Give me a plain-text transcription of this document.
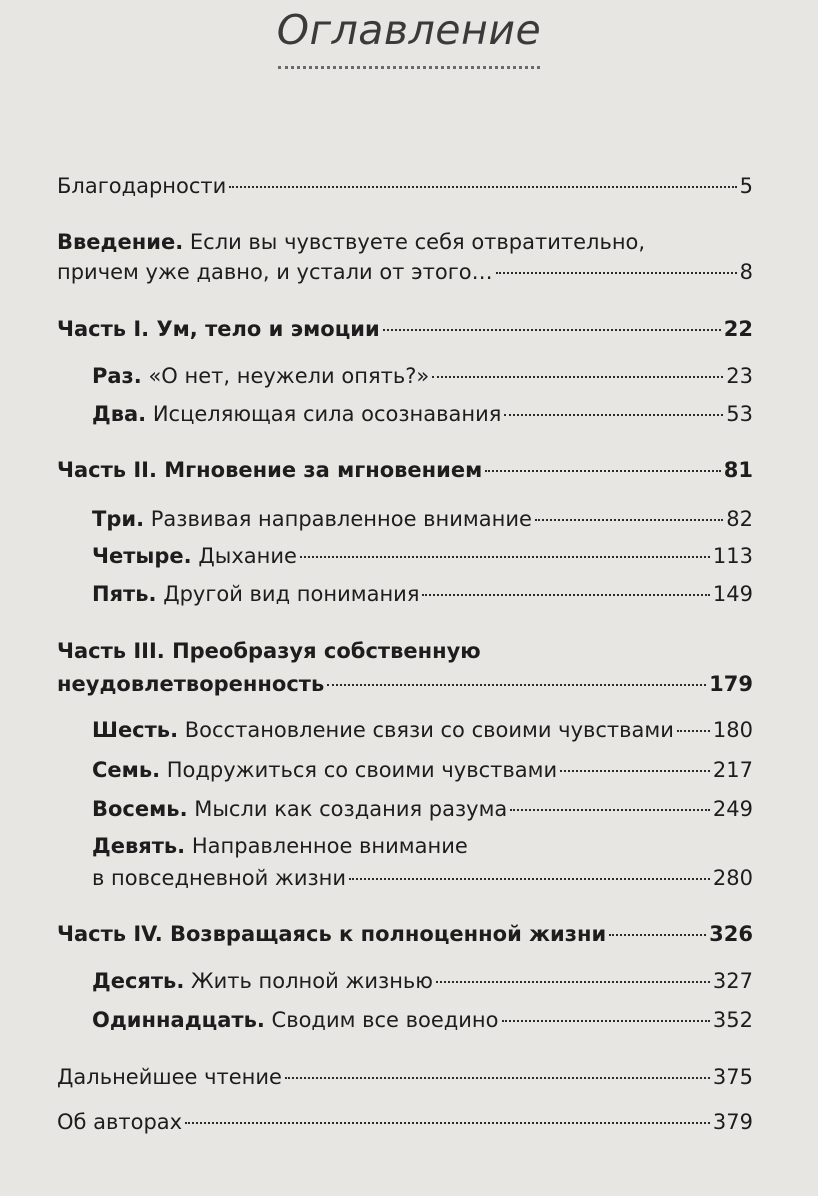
Оглавление
Благодарности	5
Введение. Если вы чувствуете себя отвратительно,
причем уже давно, и устали от этого…	8
Часть I. Ум, тело и эмоции	22
Раз. «О нет, неужели опять?»	23
Два. Исцеляющая сила осознавания	53
Часть II. Мгновение за мгновением	81
Три. Развивая направленное внимание	82
Четыре. Дыхание	113
Пять. Другой вид понимания	149
Часть III. Преобразуя собственную
неудовлетворенность	179
Шесть. Восстановление связи со своими чувствами 180
Семь. Подружиться со своими чувствами	217
Восемь. Мысли как создания разума	249
Девять. Направленное внимание
в повседневной жизни	280
Часть IV. Возвращаясь к полноценной жизни	326
Десять. Жить полной жизнью	327
Одиннадцать. Сводим все воедино	352
Дальнейшее чтение	375
Об авторах	379
